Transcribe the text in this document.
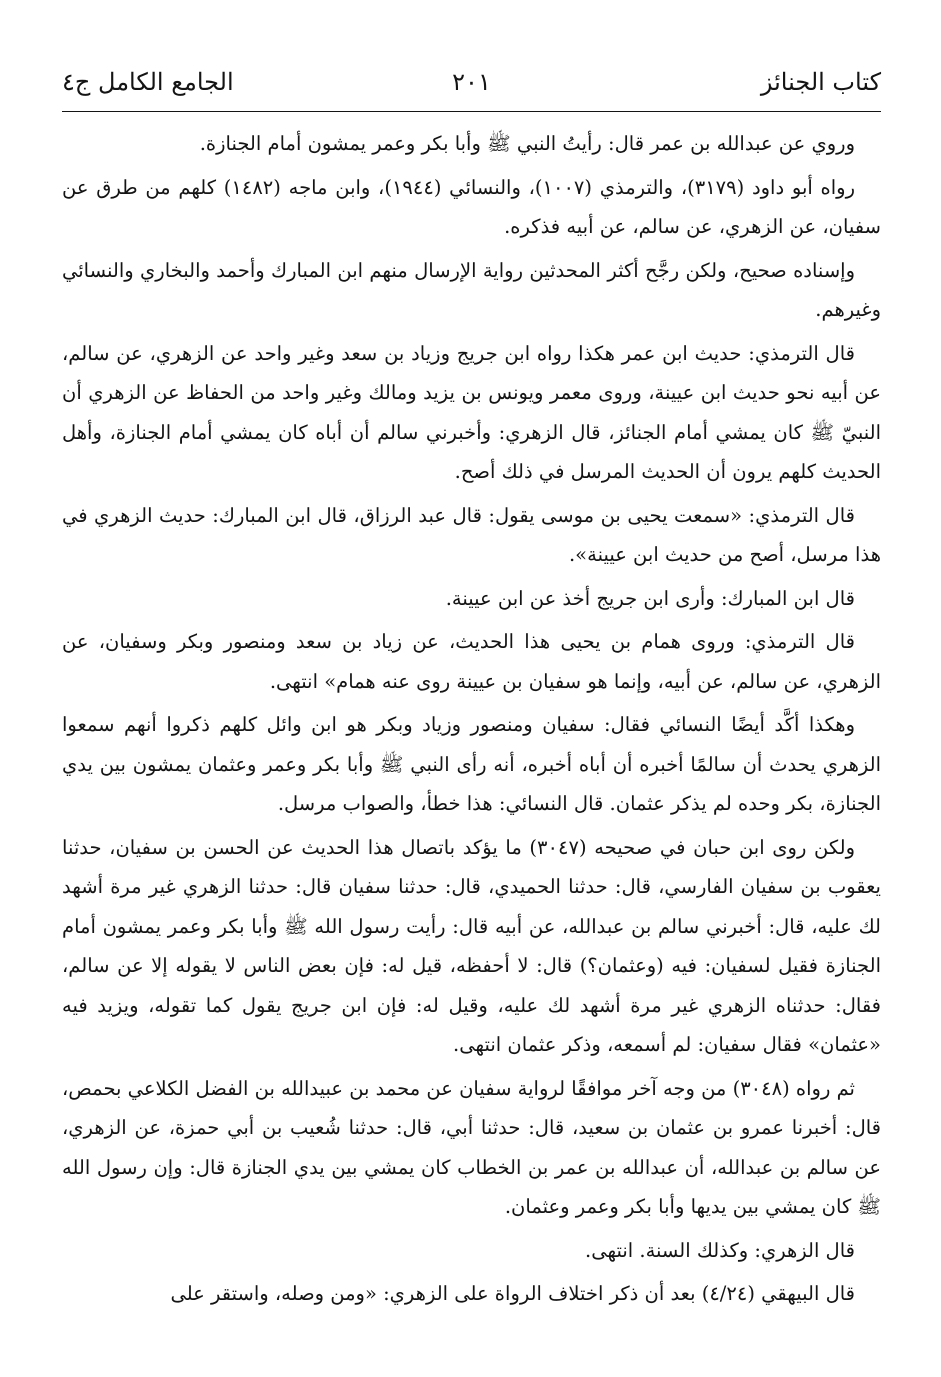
كتاب الجنائز
٢٠١
الجامع الكامل ج٤

وروي عن عبدالله بن عمر قال: رأيتُ النبي ﷺ وأبا بكر وعمر يمشون أمام الجنازة.

رواه أبو داود (٣١٧٩)، والترمذي (١٠٠٧)، والنسائي (١٩٤٤)، وابن ماجه (١٤٨٢) كلهم من طرق عن سفيان، عن الزهري، عن سالم، عن أبيه فذكره.

وإسناده صحيح، ولكن رجَّح أكثر المحدثين رواية الإرسال منهم ابن المبارك وأحمد والبخاري والنسائي وغيرهم.

قال الترمذي: حديث ابن عمر هكذا رواه ابن جريج وزياد بن سعد وغير واحد عن الزهري، عن سالم، عن أبيه نحو حديث ابن عيينة، وروى معمر ويونس بن يزيد ومالك وغير واحد من الحفاظ عن الزهري أن النبيّ ﷺ كان يمشي أمام الجنائز، قال الزهري: وأخبرني سالم أن أباه كان يمشي أمام الجنازة، وأهل الحديث كلهم يرون أن الحديث المرسل في ذلك أصح.

قال الترمذي: «سمعت يحيى بن موسى يقول: قال عبد الرزاق، قال ابن المبارك: حديث الزهري في هذا مرسل، أصح من حديث ابن عيينة».

قال ابن المبارك: وأرى ابن جريج أخذ عن ابن عيينة.

قال الترمذي: وروى همام بن يحيى هذا الحديث، عن زياد بن سعد ومنصور وبكر وسفيان، عن الزهري، عن سالم، عن أبيه، وإنما هو سفيان بن عيينة روى عنه همام» انتهى.

وهكذا أكَّد أيضًا النسائي فقال: سفيان ومنصور وزياد وبكر هو ابن وائل كلهم ذكروا أنهم سمعوا الزهري يحدث أن سالمًا أخبره أن أباه أخبره، أنه رأى النبي ﷺ وأبا بكر وعمر وعثمان يمشون بين يدي الجنازة، بكر وحده لم يذكر عثمان. قال النسائي: هذا خطأ، والصواب مرسل.

ولكن روى ابن حبان في صحيحه (٣٠٤٧) ما يؤكد باتصال هذا الحديث عن الحسن بن سفيان، حدثنا يعقوب بن سفيان الفارسي، قال: حدثنا الحميدي، قال: حدثنا سفيان قال: حدثنا الزهري غير مرة أشهد لك عليه، قال: أخبرني سالم بن عبدالله، عن أبيه قال: رأيت رسول الله ﷺ وأبا بكر وعمر يمشون أمام الجنازة فقيل لسفيان: فيه (وعثمان؟) قال: لا أحفظه، قيل له: فإن بعض الناس لا يقوله إلا عن سالم، فقال: حدثناه الزهري غير مرة أشهد لك عليه، وقيل له: فإن ابن جريج يقول كما تقوله، ويزيد فيه «عثمان» فقال سفيان: لم أسمعه، وذكر عثمان انتهى.

ثم رواه (٣٠٤٨) من وجه آخر موافقًا لرواية سفيان عن محمد بن عبيدالله بن الفضل الكلاعي بحمص، قال: أخبرنا عمرو بن عثمان بن سعيد، قال: حدثنا أبي، قال: حدثنا شُعيب بن أبي حمزة، عن الزهري، عن سالم بن عبدالله، أن عبدالله بن عمر بن الخطاب كان يمشي بين يدي الجنازة قال: وإن رسول الله ﷺ كان يمشي بين يديها وأبا بكر وعمر وعثمان.

قال الزهري: وكذلك السنة. انتهى.

قال البيهقي (٤/٢٤) بعد أن ذكر اختلاف الرواة على الزهري: «ومن وصله، واستقر على
